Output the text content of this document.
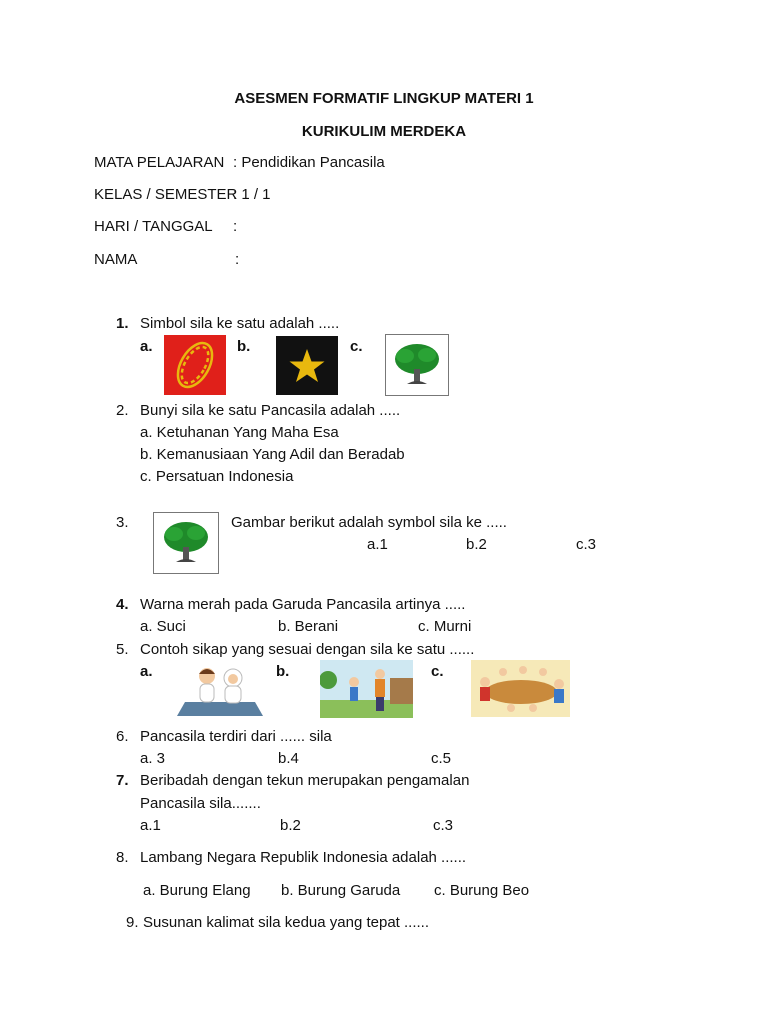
ASESMEN FORMATIF LINGKUP MATERI 1
KURIKULIM MERDEKA
MATA PELAJARAN : Pendidikan Pancasila
KELAS / SEMESTER
: 1 / 1
HARI / TANGGAL :
NAMA	:
1. Simbol sila ke satu adalah .....
a.	b.	c.
2. Bunyi sila ke satu Pancasila adalah .....
a. Ketuhanan Yang Maha Esa
b. Kemanusiaan Yang Adil dan Beradab
c. Persatuan Indonesia
3.	Gambar berikut adalah symbol sila ke .....
a.1	b.2	c.3
4. Warna merah pada Garuda Pancasila artinya .....
a. Suci	b. Berani	c. Murni
5. Contoh sikap yang sesuai dengan sila ke satu ......
a.	b.	c.
6. Pancasila terdiri dari ...... sila
a. 3	b.4	c.5
7. Beribadah dengan tekun merupakan pengamalan
Pancasila sila.......
a.1	b.2	c.3
8. Lambang Negara Republik Indonesia adalah ......
a. Burung Elang b. Burung Garuda c. Burung Beo
9. Susunan kalimat sila kedua yang tepat ......
